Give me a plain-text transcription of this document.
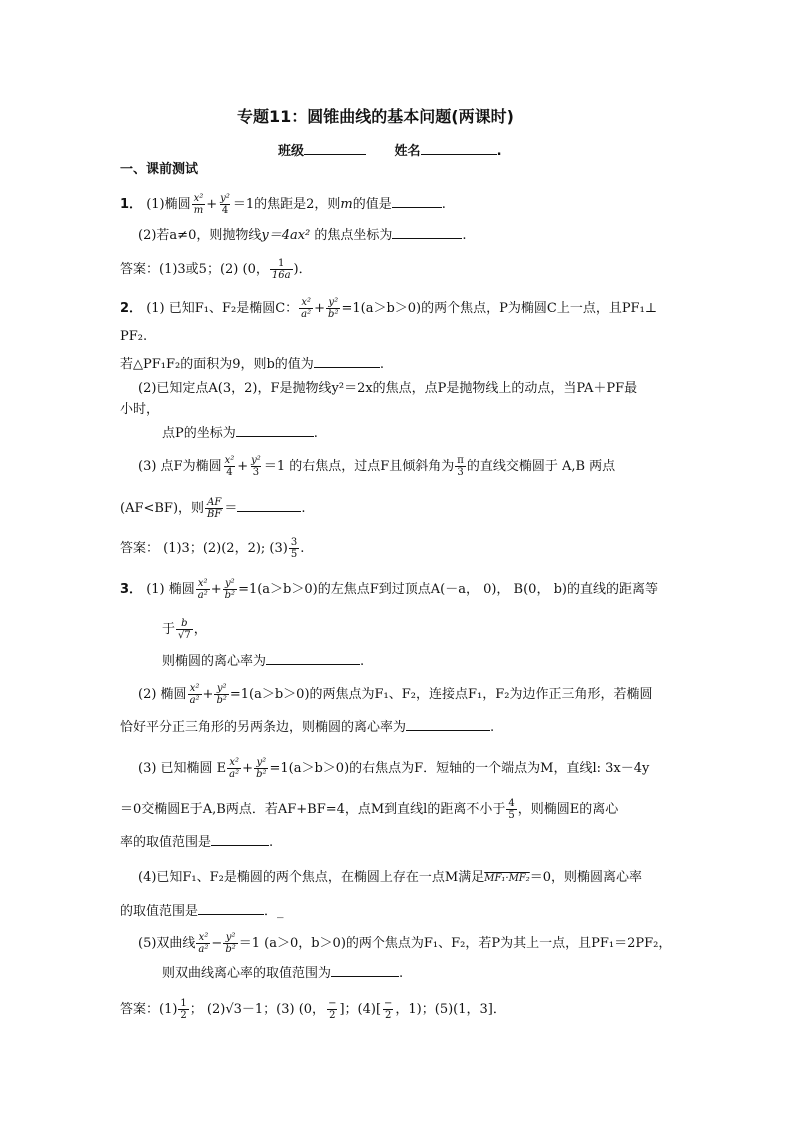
专题11：圆锥曲线的基本问题(两课时)
班级	姓名	.
一、课前测试
1． (1)椭圆 $\frac{\text{x²}}{m} + \frac{\text{y²}}{4} =1$的焦距是2，则m的值是	.
(2)若a≠0，则抛物线y＝4ax² 的焦点坐标为	.
答案：(1)3或5；(2) (0， $\frac{1}{16a}$ )．
2． (1) 已知F₁、F₂是椭圆C： $\frac{\text{x²}}{\text{a²}} + \frac{\text{y²}}{\text{b²}} =1(a>b>0)$的两个焦点，P为椭圆C上一点，且PF₁⊥
PF₂.
若△PF₁F₂的面积为9，则b的值为	.
(2)已知定点A(3，2)，F是抛物线y²＝2x的焦点，点P是抛物线上的动点，当PA＋PF最
小时，
点P的坐标为	.
(3) 点F为椭圆 $\frac{\text{x²}}{4} + \frac{\text{y²}}{3} =1$ 的右焦点，过点F且倾斜角为 $\frac{\pi}{3}$ 的直线交椭圆于 A,B 两点
(AF<BF)，则 $\frac{AF}{BF}$ ＝	.
答案： (1)3；(2)(2，2); $(3) \frac{3}{5}$ .
3． (1) 椭圆 $\frac{\text{x²}}{\text{a²}} + \frac{\text{y²}}{\text{b²}} =1(a>b>0)$的左焦点F到过顶点A(－a， 0)， B(0， b)的直线的距离等
于 $\frac{b}{√7}$ ，
则椭圆的离心率为	.
(2) 椭圆 $\frac{\text{x²}}{\text{a²}} + \frac{\text{y²}}{\text{b²}} =1(a>b>0)$的两焦点为F₁、F₂，连接点F₁，F₂为边作正三角形，若椭圆
恰好平分正三角形的另两条边，则椭圆的离心率为	.
(3) 已知椭圆 E $\frac{\text{x²}}{\text{a²}} + \frac{\text{y²}}{\text{b²}} =1(a>b>0)$的右焦点为F．短轴的一个端点为M，直线l: 3x－4y
＝0交椭圆E于A,B两点．若AF+BF=4，点M到直线l的距离不小于 $\frac{4}{5}$ ，则椭圆E的离心
率的取值范围是	.
(4)已知F₁、F₂是椭圆的两个焦点，在椭圆上存在一点M满足MF₁·MF₂＝0，则椭圆离心率
的取值范围是	．_
(5)双曲线 $\frac{\text{x²}}{\text{a²}} - \frac{\text{y²}}{\text{b²}} =1$ (a＞0，b＞0)的两个焦点为F₁、F₂，若P为其上一点，且PF₁＝2PF₂，
则双曲线离心率的取值范围为	.
答案：$(1) \frac{1}{2}$ ； (2)√3－1；(3) (0， $\frac{-}{2}$ ]；$(4)[ \frac{-}{2}$ ，1)；(5)(1，3]．
